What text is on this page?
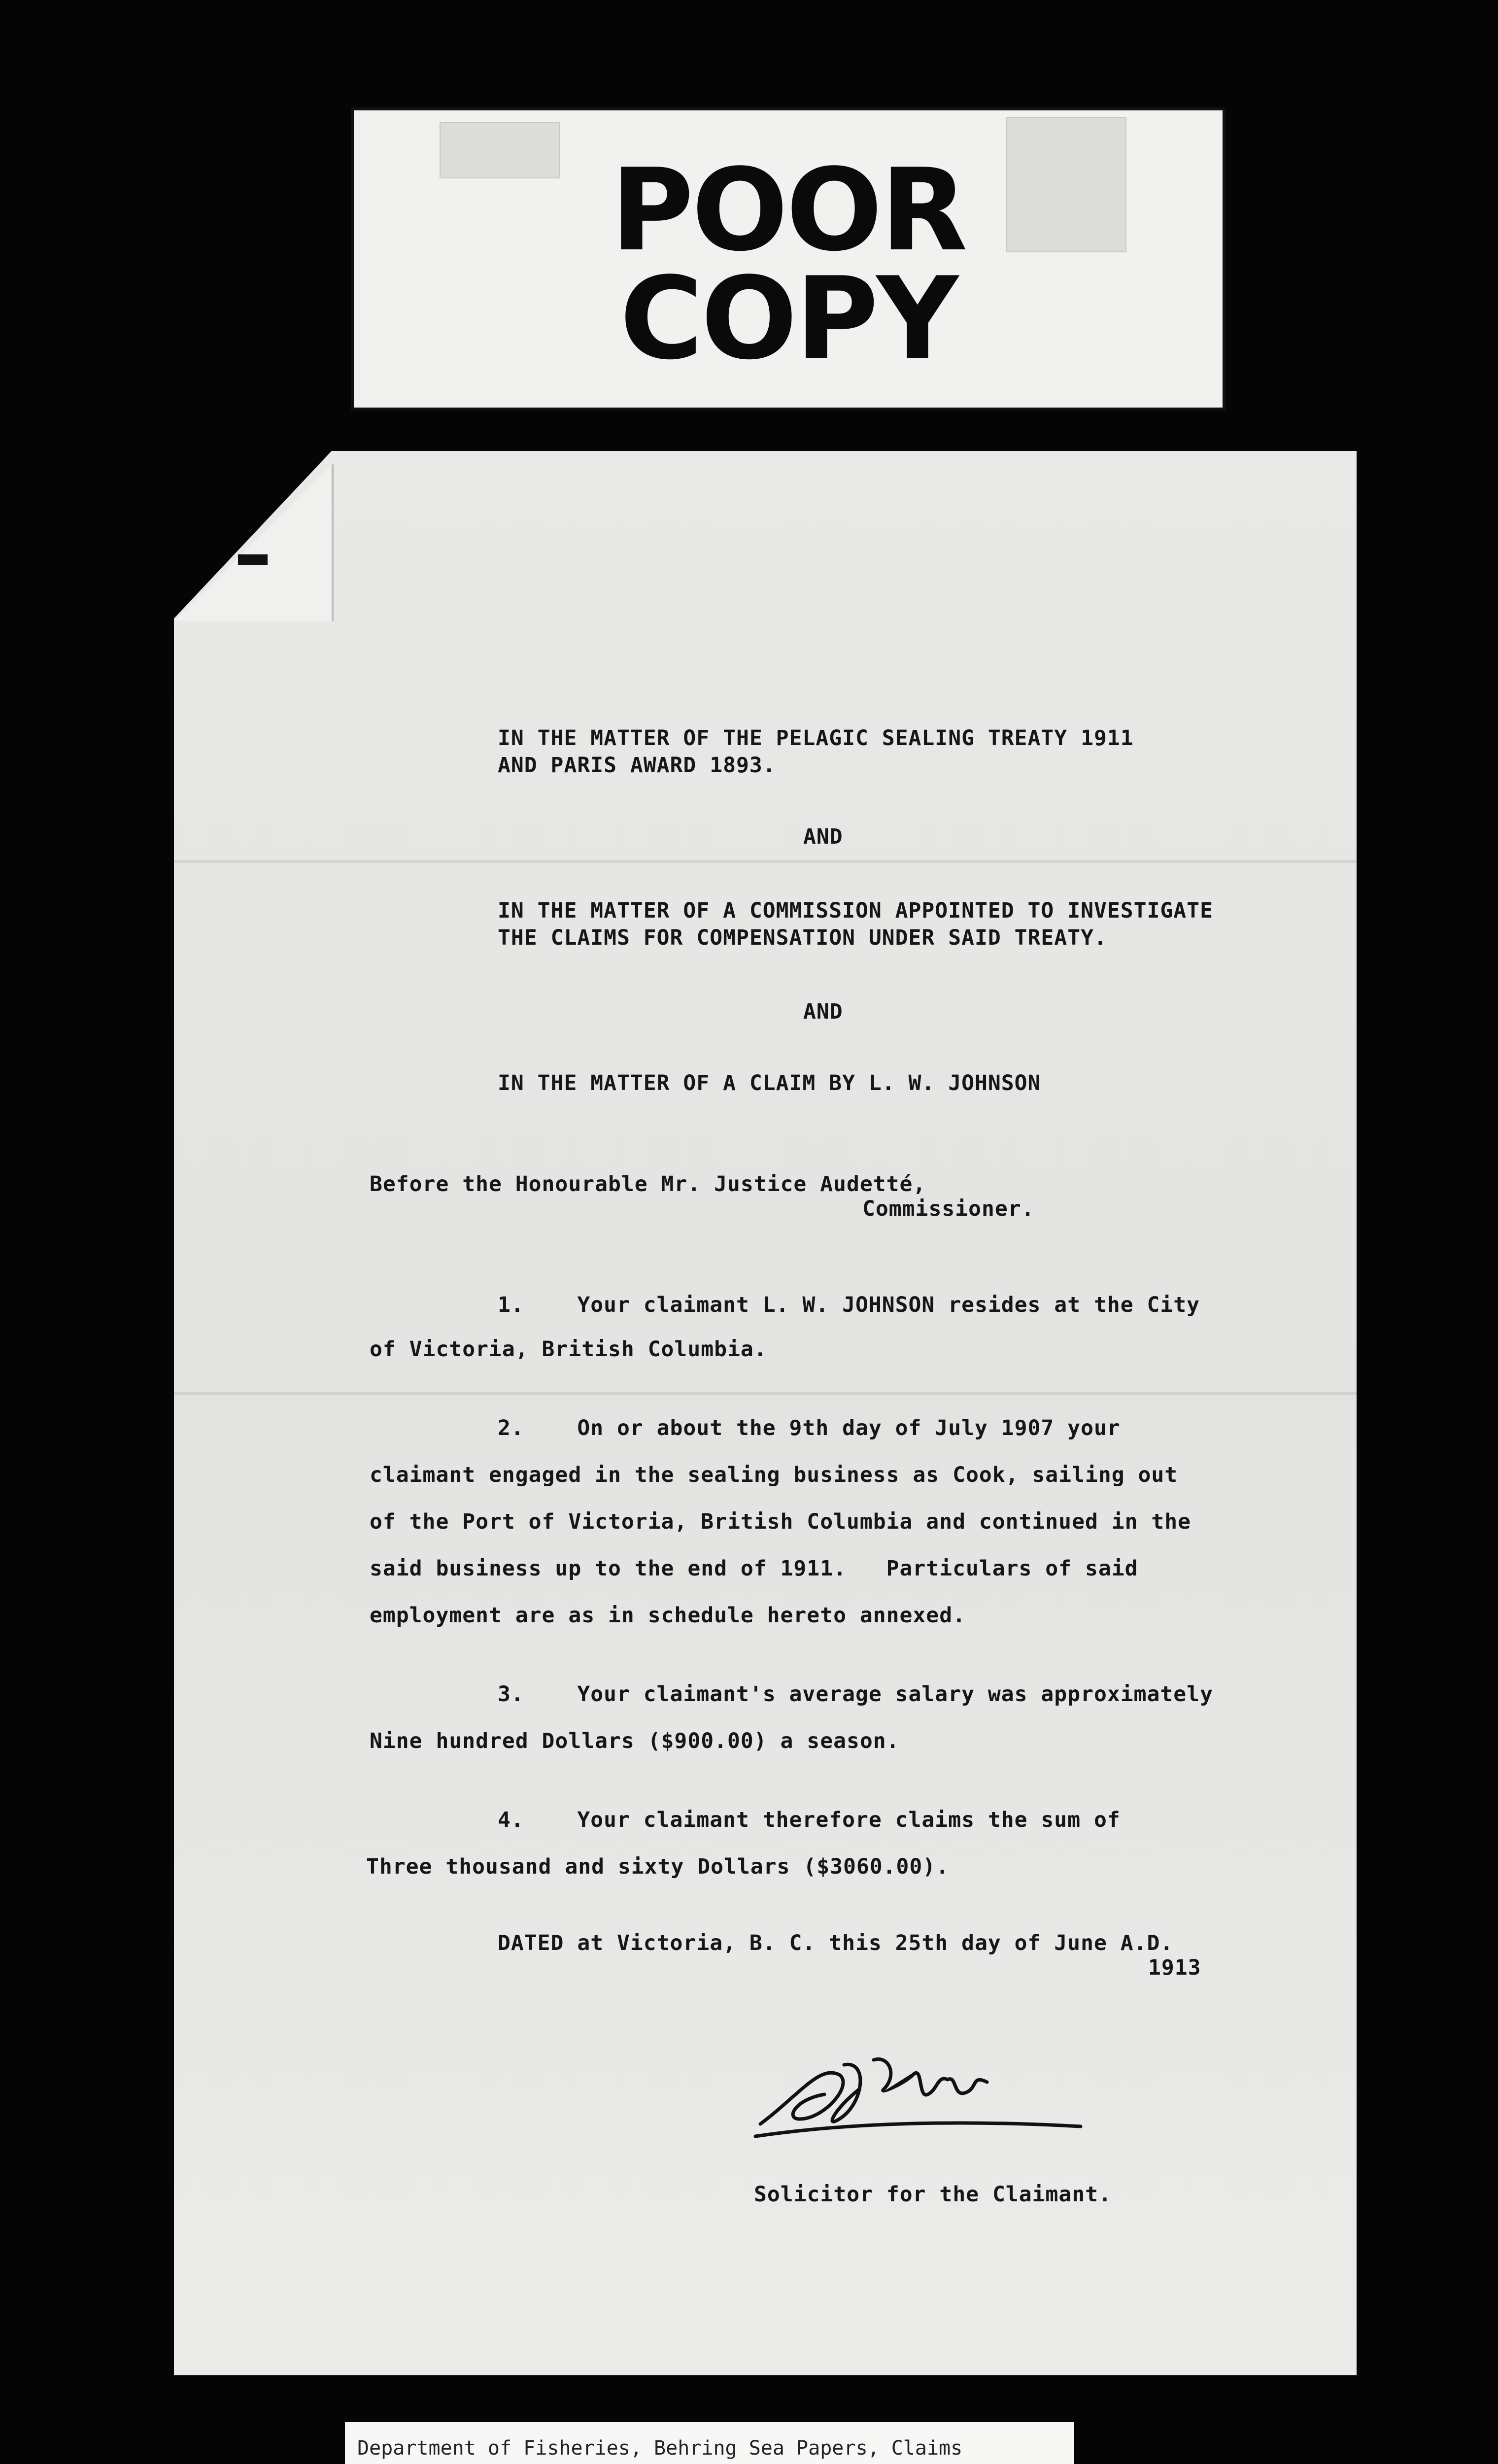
POOR
COPY
IN THE MATTER OF THE PELAGIC SEALING TREATY 1911
AND PARIS AWARD 1893.
AND
IN THE MATTER OF A COMMISSION APPOINTED TO INVESTIGATE
THE CLAIMS FOR COMPENSATION UNDER SAID TREATY.
AND
IN THE MATTER OF A CLAIM BY L. W. JOHNSON
Before the Honourable Mr. Justice Audetté,
Commissioner.
1.    Your claimant L. W. JOHNSON resides at the City
of Victoria, British Columbia.
2.    On or about the 9th day of July 1907 your
claimant engaged in the sealing business as Cook, sailing out
of the Port of Victoria, British Columbia and continued in the
said business up to the end of 1911.   Particulars of said
employment are as in schedule hereto annexed.
3.    Your claimant's average salary was approximately
Nine hundred Dollars ($900.00) a season.
4.    Your claimant therefore claims the sum of
Three thousand and sixty Dollars ($3060.00).
DATED at Victoria, B. C. this 25th day of June A.D.
1913
Solicitor for the Claimant.
Department of Fisheries, Behring Sea Papers, Claims
